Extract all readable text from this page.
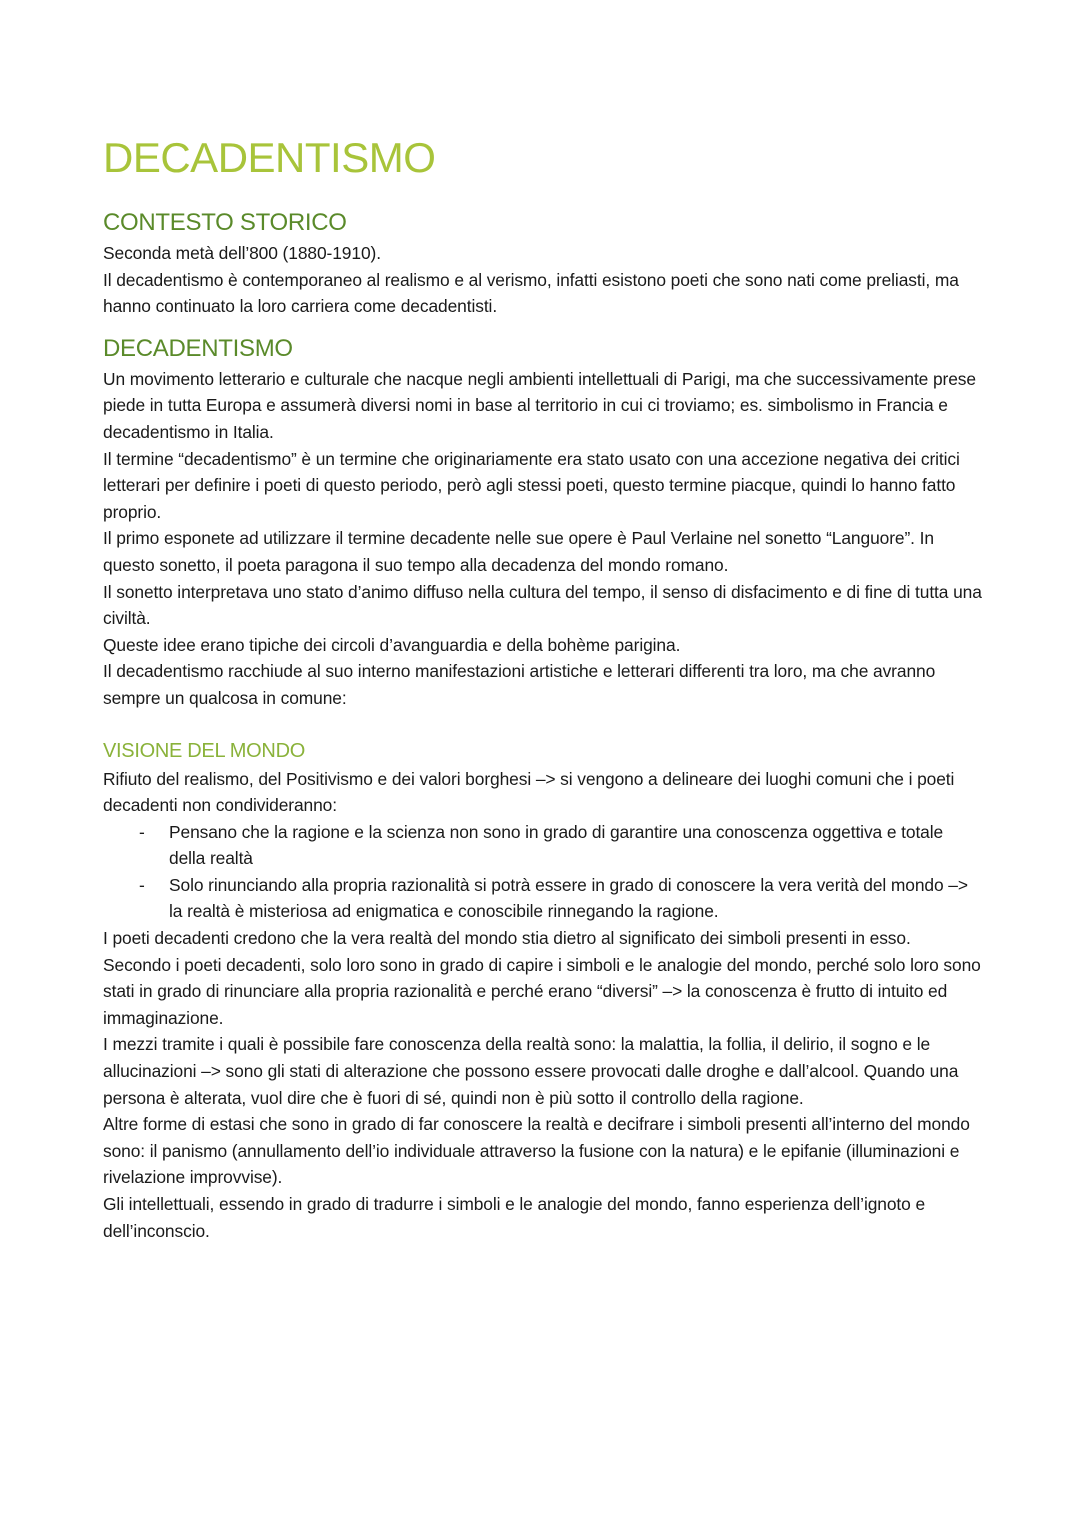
DECADENTISMO
CONTESTO STORICO

Seconda metà dell’800 (1880-1910).

Il decadentismo è contemporaneo al realismo e al verismo, infatti esistono poeti che sono nati come preliasti, ma hanno continuato la loro carriera come decadentisti.

DECADENTISMO

Un movimento letterario e culturale che nacque negli ambienti intellettuali di Parigi, ma che successivamente prese piede in tutta Europa e assumerà diversi nomi in base al territorio in cui ci troviamo; es. simbolismo in Francia e decadentismo in Italia.

Il termine “decadentismo” è un termine che originariamente era stato usato con una accezione negativa dei critici letterari per definire i poeti di questo periodo, però agli stessi poeti, questo termine piacque, quindi lo hanno fatto proprio.

Il primo esponete ad utilizzare il termine decadente nelle sue opere è Paul Verlaine nel sonetto “Languore”. In questo sonetto, il poeta paragona il suo tempo alla decadenza del mondo romano.

Il sonetto interpretava uno stato d’animo diffuso nella cultura del tempo, il senso di disfacimento e di fine di tutta una civiltà.

Queste idee erano tipiche dei circoli d’avanguardia e della bohème parigina.

Il decadentismo racchiude al suo interno manifestazioni artistiche e letterari differenti tra loro, ma che avranno sempre un qualcosa in comune:

VISIONE DEL MONDO

Rifiuto del realismo, del Positivismo e dei valori borghesi –> si vengono a delineare dei luoghi comuni che i poeti decadenti non condivideranno:

- Pensano che la ragione e la scienza non sono in grado di garantire una conoscenza oggettiva e totale della realtà
- Solo rinunciando alla propria razionalità si potrà essere in grado di conoscere la vera verità del mondo –> la realtà è misteriosa ad enigmatica e conoscibile rinnegando la ragione.

I poeti decadenti credono che la vera realtà del mondo stia dietro al significato dei simboli presenti in esso. Secondo i poeti decadenti, solo loro sono in grado di capire i simboli e le analogie del mondo, perché solo loro sono stati in grado di rinunciare alla propria razionalità e perché erano “diversi” –> la conoscenza è frutto di intuito ed immaginazione.

I mezzi tramite i quali è possibile fare conoscenza della realtà sono: la malattia, la follia, il delirio, il sogno e le allucinazioni –> sono gli stati di alterazione che possono essere provocati dalle droghe e dall’alcool. Quando una persona è alterata, vuol dire che è fuori di sé, quindi non è più sotto il controllo della ragione.

Altre forme di estasi che sono in grado di far conoscere la realtà e decifrare i simboli presenti all’interno del mondo sono: il panismo (annullamento dell’io individuale attraverso la fusione con la natura) e le epifanie (illuminazioni e rivelazione improvvise).

Gli intellettuali, essendo in grado di tradurre i simboli e le analogie del mondo, fanno esperienza dell’ignoto e dell’inconscio.
